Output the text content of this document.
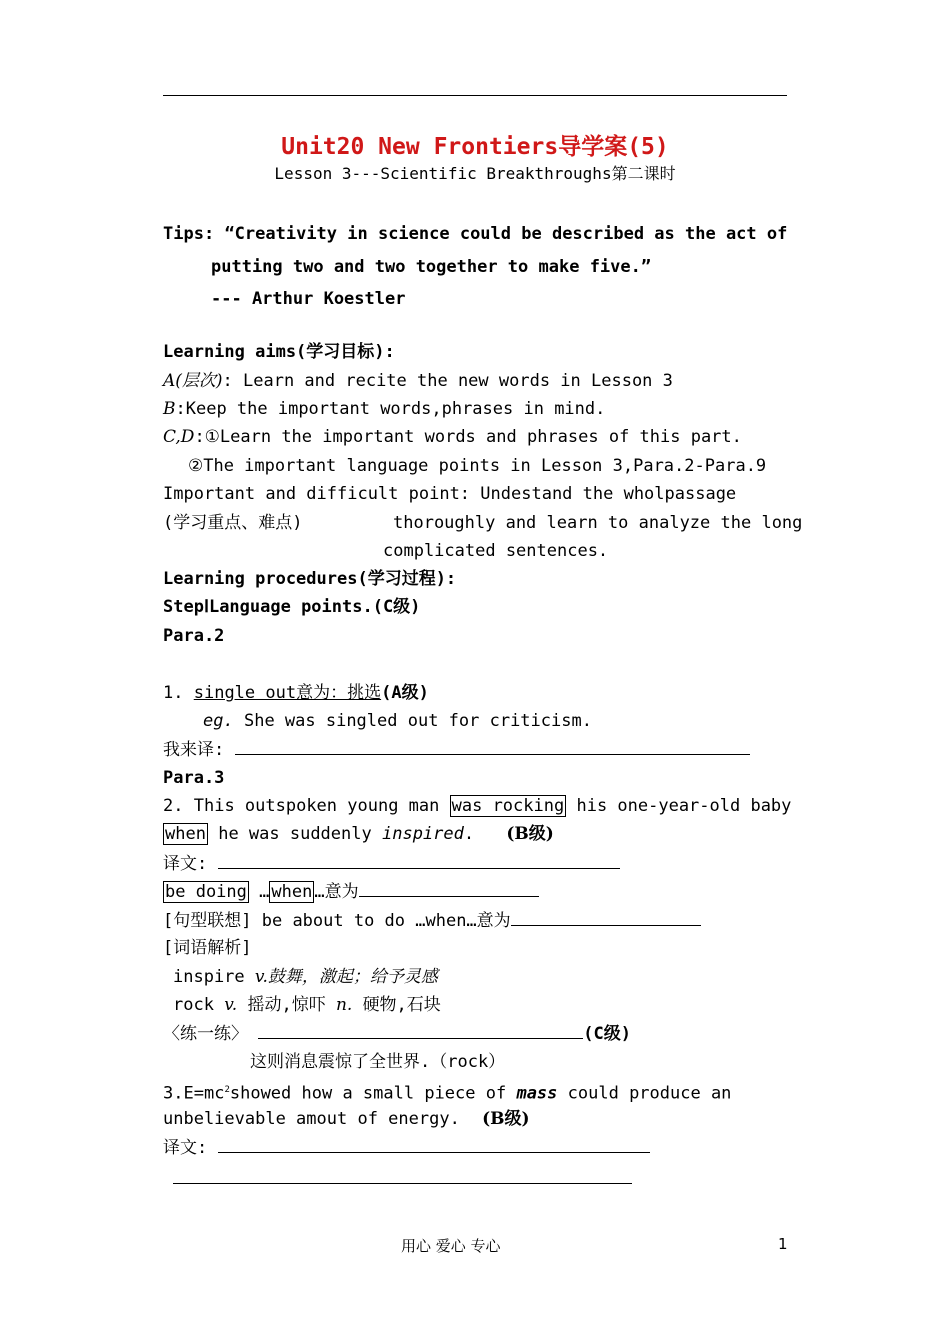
Unit20 New Frontiers导学案(5)
Lesson 3---Scientific Breakthroughs第二课时
Tips: “Creativity in science could be described as the act of
putting two and two together to make five.”
--- Arthur Koestler
Learning aims(学习目标):
A(层次): Learn and recite the new words in Lesson 3
B:Keep the important words,phrases in mind.
C,D:①Learn the important words and phrases of this part.
②The important language points in Lesson 3,Para.2-Para.9
Important and difficult point: Undestand the wholpassage
(学习重点、难点)	thoroughly and learn to analyze the long
complicated sentences.
Learning procedures(学习过程):
StepⅠLanguage points.(C级)
Para.2
1. single out意为：挑选(A级)
eg. She was singled out for criticism.
我来译:
Para.3
2. This outspoken young man was rocking his one-year-old baby
when he was suddenly inspired. (B级)
译文:
be doing … when …意为
[句型联想] be about to do …when…意为
[词语解析]
inspire v.鼓舞，激起；给予灵感
rock v. 摇动,惊吓 n. 硬物,石块
〈练一练〉	(C级)
这则消息震惊了全世界.（rock）
$3.E=mc^2showed$ how a small piece of mass could produce an
unbelievable amout of energy. (B级)
译文:
用心 爱心 专心	1
